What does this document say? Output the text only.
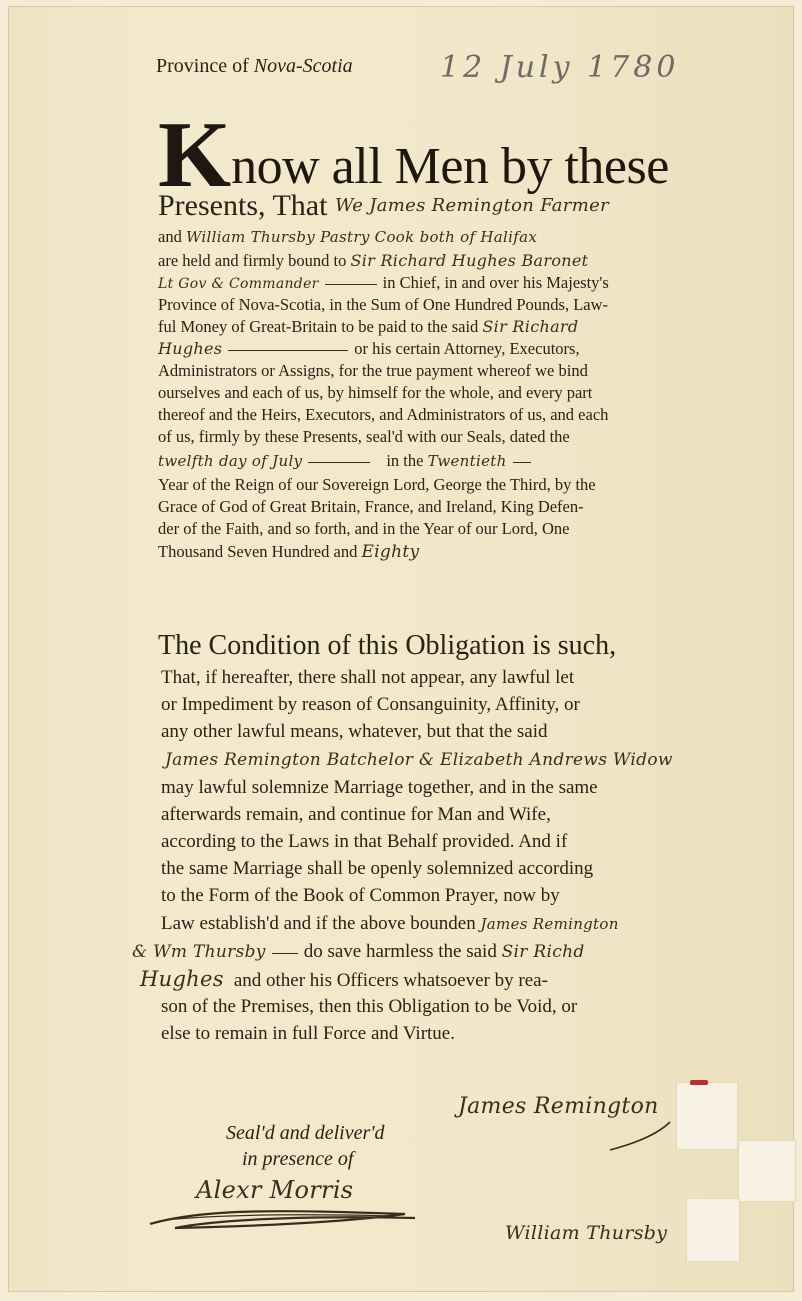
Province of Nova-Scotia	12 July 1780
Know all Men by these
Presents, That We James Remington Farmer
and William Thursby Pastry Cook both of Halifax
are held and firmly bound to Sir Richard Hughes Baronet
Lt Gov & Commander	in Chief, in and over his Majesty's
Province of Nova-Scotia, in the Sum of One Hundred Pounds, Law-
ful Money of Great-Britain to be paid to the said Sir Richard
Hughes	or his certain Attorney, Executors,
Administrators or Assigns, for the true payment whereof we bind
ourselves and each of us, by himself for the whole, and every part
thereof and the Heirs, Executors, and Administrators of us, and each
of us, firmly by these Presents, seal'd with our Seals, dated the
twelfth day of July	in the Twentieth
Year of the Reign of our Sovereign Lord, George the Third, by the
Grace of God of Great Britain, France, and Ireland, King Defen-
der of the Faith, and so forth, and in the Year of our Lord, One
Thousand Seven Hundred and Eighty
The Condition of this Obligation is such,
That, if hereafter, there shall not appear, any lawful let
or Impediment by reason of Consanguinity, Affinity, or
any other lawful means, whatever, but that the said
James Remington Batchelor & Elizabeth Andrews Widow
may lawful solemnize Marriage together, and in the same
afterwards remain, and continue for Man and Wife,
according to the Laws in that Behalf provided. And if
the same Marriage shall be openly solemnized according
to the Form of the Book of Common Prayer, now by
Law establish'd and if the above bounden James Remington
& Wm Thursby do save harmless the said Sir Richd
Hughes and other his Officers whatsoever by rea-
son of the Premises, then this Obligation to be Void, or
else to remain in full Force and Virtue.
Seal'd and deliver'd
in presence of
Alexr Morris
James Remington
William Thursby
